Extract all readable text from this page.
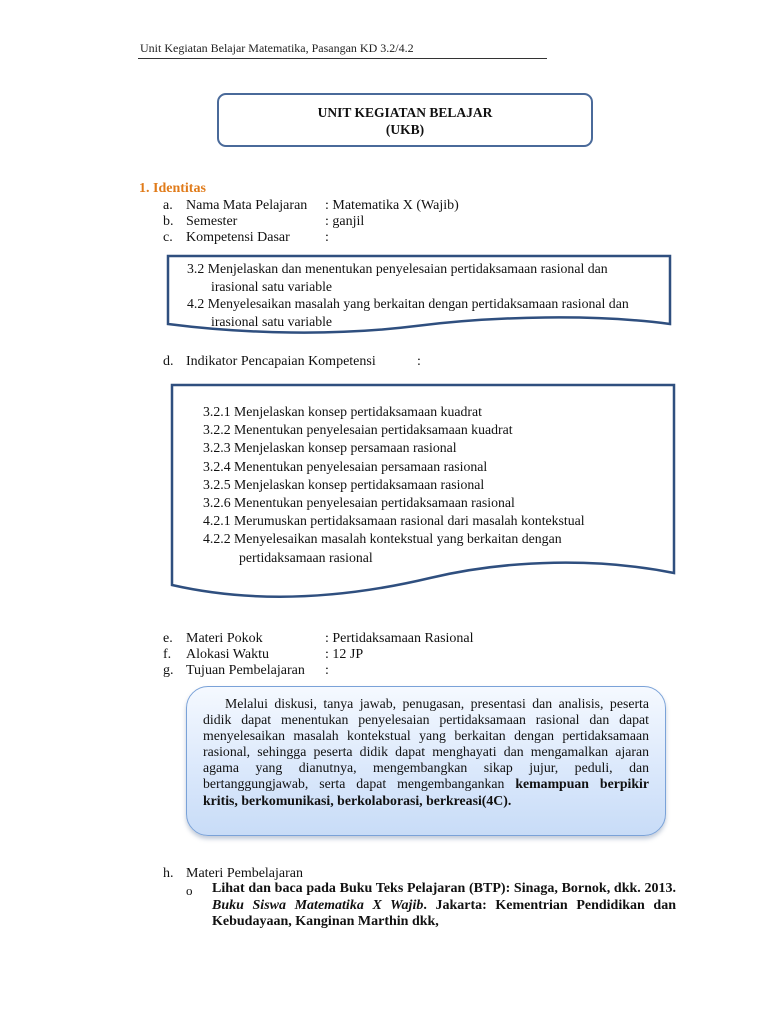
Unit Kegiatan Belajar Matematika, Pasangan KD 3.2/4.2
UNIT KEGIATAN BELAJAR
(UKB)
1. Identitas
a. Nama Mata Pelajaran : Matematika X (Wajib)
b. Semester	: ganjil
c. Kompetensi Dasar	:
3.2 Menjelaskan dan menentukan penyelesaian pertidaksamaan rasional dan
irasional satu variable
4.2 Menyelesaikan masalah yang berkaitan dengan pertidaksamaan rasional dan
irasional satu variable
d. Indikator Pencapaian Kompetensi	:
3.2.1 Menjelaskan konsep pertidaksamaan kuadrat
3.2.2 Menentukan penyelesaian pertidaksamaan kuadrat
3.2.3 Menjelaskan konsep persamaan rasional
3.2.4 Menentukan penyelesaian persamaan rasional
3.2.5 Menjelaskan konsep pertidaksamaan rasional
3.2.6 Menentukan penyelesaian pertidaksamaan rasional
4.2.1 Merumuskan pertidaksamaan rasional dari masalah kontekstual
4.2.2 Menyelesaikan masalah kontekstual yang berkaitan dengan
pertidaksamaan rasional
e. Materi Pokok	: Pertidaksamaan Rasional
f. Alokasi Waktu	: 12 JP
g. Tujuan Pembelajaran :
Melalui diskusi, tanya jawab, penugasan, presentasi dan analisis, peserta didik dapat menentukan penyelesaian pertidaksamaan rasional dan dapat menyelesaikan masalah kontekstual yang berkaitan dengan pertidaksamaan rasional, sehingga peserta didik dapat menghayati dan mengamalkan ajaran agama yang dianutnya, mengembangkan sikap jujur, peduli, dan bertanggungjawab, serta dapat mengembangankan kemampuan berpikir kritis, berkomunikasi, berkolaborasi, berkreasi(4C).
h. Materi Pembelajaran
o Lihat dan baca pada Buku Teks Pelajaran (BTP): Sinaga, Bornok, dkk. 2013. Buku Siswa Matematika X Wajib. Jakarta: Kementrian Pendidikan dan Kebudayaan, Kanginan Marthin dkk,
